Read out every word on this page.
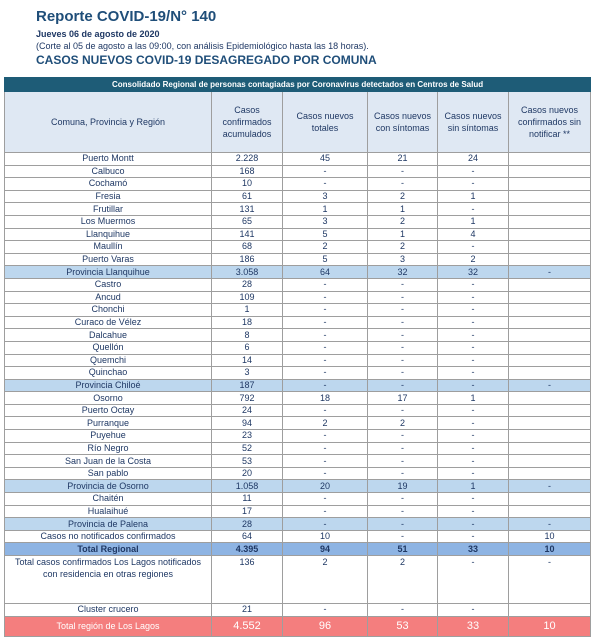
Reporte COVID-19/N° 140
Jueves 06 de agosto de 2020
(Corte al 05 de agosto a las 09:00, con análisis Epidemiológico hasta las 18 horas).
CASOS NUEVOS COVID-19 DESAGREGADO POR COMUNA
Consolidado Regional de personas contagiadas por Coronavirus detectados en Centros de Salud					
Comuna, Provincia y Región	Casos confirmados acumulados	Casos nuevos totales	Casos nuevos con síntomas	Casos nuevos sin síntomas	Casos nuevos confirmados sin notificar **
Puerto Montt	2.228	45	21	24	
Calbuco	168	-	-	-	
Cochamó	10	-	-	-	
Fresia	61	3	2	1	
Frutillar	131	1	1	-	
Los Muermos	65	3	2	1	
Llanquihue	141	5	1	4	
Maullín	68	2	2	-	
Puerto Varas	186	5	3	2	
Provincia Llanquihue	3.058	64	32	32	-
Castro	28	-	-	-	
Ancud	109	-	-	-	
Chonchi	1	-	-	-	
Curaco de Vélez	18	-	-	-	
Dalcahue	8	-	-	-	
Quellón	6	-	-	-	
Quemchi	14	-	-	-	
Quinchao	3	-	-	-	
Provincia Chiloé	187	-	-	-	-
Osorno	792	18	17	1	
Puerto Octay	24	-	-	-	
Purranque	94	2	2	-	
Puyehue	23	-	-	-	
Río Negro	52	-	-	-	
San Juan de la Costa	53	-	-	-	
San pablo	20	-	-	-	
Provincia de Osorno	1.058	20	19	1	-
Chaitén	11	-	-	-	
Hualaihué	17	-	-	-	
Provincia de Palena	28	-	-	-	-
Casos no notificados confirmados	64	10	-	-	10
Total Regional	4.395	94	51	33	10
Total casos confirmados Los Lagos notificados con residencia en otras regiones	136	2	2	-	-
Cluster crucero	21	-	-	-	
Total región de Los Lagos	4.552	96	53	33	10
